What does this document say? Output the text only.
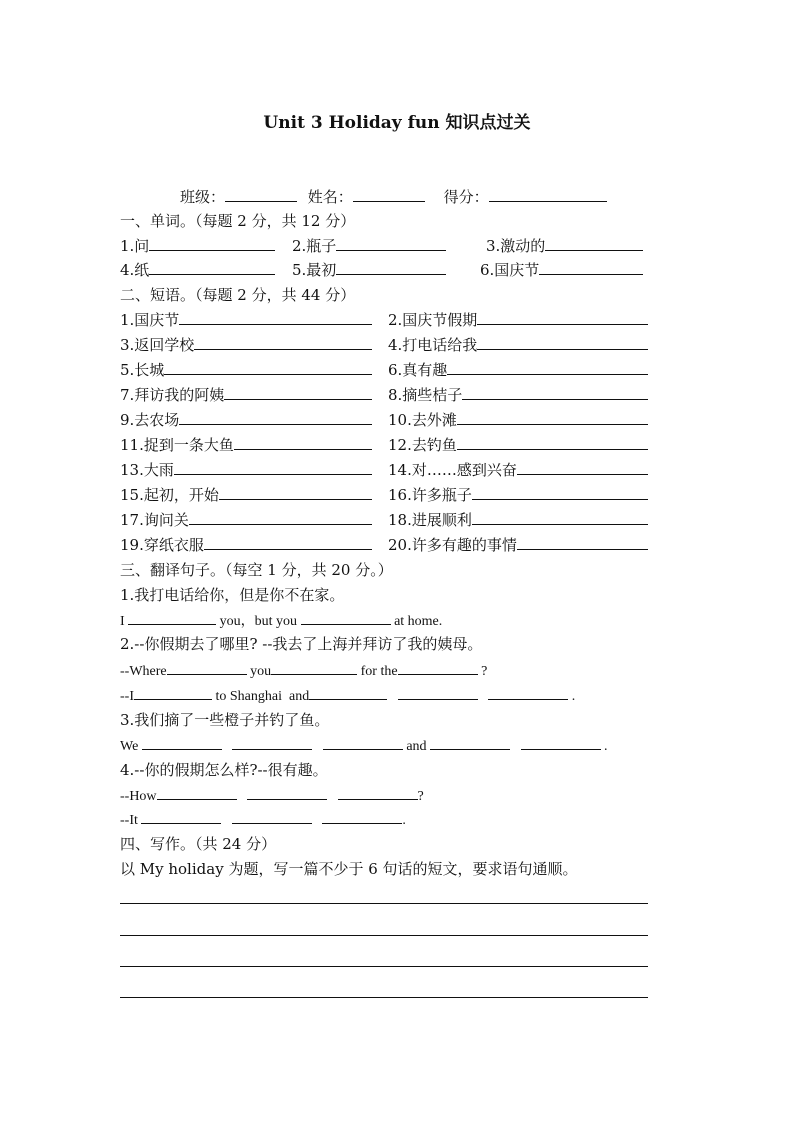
Unit 3 Holiday fun 知识点过关
班级：	姓名：	得分：
一、单词。（每题 2 分，共 12 分）
1.问	2.瓶子	3.激动的
4.纸	5.最初	6.国庆节
二、短语。（每题 2 分，共 44 分）
1.国庆节	2.国庆节假期
3.返回学校	4.打电话给我
5.长城	6.真有趣
7.拜访我的阿姨	8.摘些桔子
9.去农场	10.去外滩
11.捉到一条大鱼	12.去钓鱼
13.大雨	14.对……感到兴奋
15.起初，开始	16.许多瓶子
17.询问关	18.进展顺利
19.穿纸衣服	20.许多有趣的事情
三、翻译句子。（每空 1 分，共 20 分。）
1.我打电话给你，但是你不在家。
I	you，but you	at home.
2.--你假期去了哪里? --我去了上海并拜访了我的姨母。
--Where	you	for the	?
--I	to Shanghai and	.
3.我们摘了一些橙子并钓了鱼。
We	and	.
4.--你的假期怎么样?--很有趣。
--How	?
--It	.
四、写作。（共 24 分）
以 My holiday 为题，写一篇不少于 6 句话的短文，要求语句通顺。
